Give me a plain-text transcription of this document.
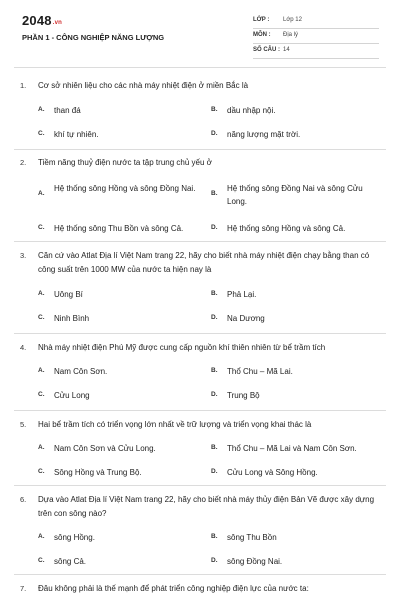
2048.vn
PHẦN 1 - CÔNG NGHIỆP NĂNG LƯỢNG
LỚP : Lớp 12
MÔN : Địa lý
SỐ CÂU : 14
1. Cơ sở nhiên liệu cho các nhà máy nhiệt điện ở miền Bắc là
A. than đá	B. dầu nhập nội.
C. khí tự nhiên.	D. năng lượng mặt trời.
2. Tiềm năng thuỷ điện nước ta tập trung chủ yếu ở
A.
Hệ thống sông Hồng và sông Đồng Nai.
B.
Hệ thống sông Đồng Nai và sông Cửu Long.
C. Hệ thống sông Thu Bồn và sông Cả.	D. Hệ thống sông Hồng và sông Cả.
3. Căn cứ vào Atlat Địa lí Việt Nam trang 22, hãy cho biết nhà máy nhiệt điện chạy bằng than có công suất trên 1000 MW của nước ta hiện nay là
A. Uông Bí	B. Phả Lại.
C. Ninh Bình	D. Na Dương
4. Nhà máy nhiệt điện Phú Mỹ được cung cấp nguồn khí thiên nhiên từ bể trầm tích
A. Nam Côn Sơn.	B. Thổ Chu – Mã Lai.
C. Cửu Long	D. Trung Bộ
5. Hai bể trầm tích có triển vọng lớn nhất về trữ lượng và triển vọng khai thác là
A. Nam Côn Sơn và Cửu Long.	B. Thổ Chu – Mã Lai và Nam Côn Sơn.
C. Sông Hồng và Trung Bộ.	D. Cửu Long và Sông Hồng.
6. Dựa vào Atlat Địa lí Việt Nam trang 22, hãy cho biết nhà máy thủy điện Bản Vẽ được xây dựng trên con sông nào?
A. sông Hồng.	B. sông Thu Bồn
C. sông Cả.	D. sông Đồng Nai.
7. Đâu không phải là thế mạnh để phát triển công nghiệp điện lực của nước ta:
